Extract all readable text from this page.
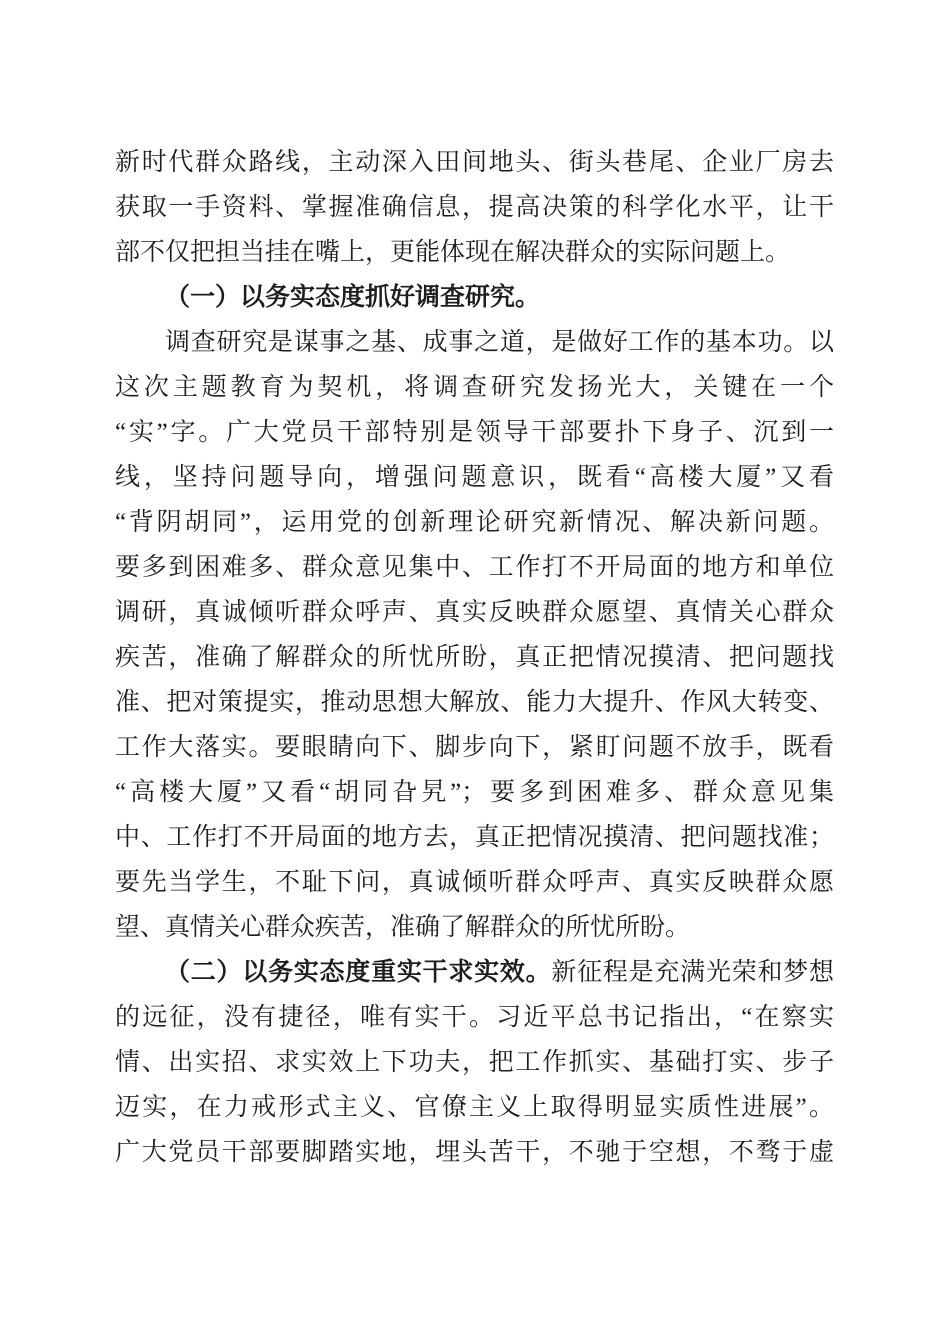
新时代群众路线，主动深入田间地头、街头巷尾、企业厂房去
获取一手资料、掌握准确信息，提高决策的科学化水平，让干
部不仅把担当挂在嘴上，更能体现在解决群众的实际问题上。
（一）以务实态度抓好调查研究。
调查研究是谋事之基、成事之道，是做好工作的基本功。以
这次主题教育为契机，将调查研究发扬光大，关键在一个
“实”字。广大党员干部特别是领导干部要扑下身子、沉到一
线，坚持问题导向，增强问题意识，既看“高楼大厦”又看
“背阴胡同”，运用党的创新理论研究新情况、解决新问题。
要多到困难多、群众意见集中、工作打不开局面的地方和单位
调研，真诚倾听群众呼声、真实反映群众愿望、真情关心群众
疾苦，准确了解群众的所忧所盼，真正把情况摸清、把问题找
准、把对策提实，推动思想大解放、能力大提升、作风大转变、
工作大落实。要眼睛向下、脚步向下，紧盯问题不放手，既看
“高楼大厦”又看“胡同旮旯”；要多到困难多、群众意见集
中、工作打不开局面的地方去，真正把情况摸清、把问题找准；
要先当学生，不耻下问，真诚倾听群众呼声、真实反映群众愿
望、真情关心群众疾苦，准确了解群众的所忧所盼。
（二）以务实态度重实干求实效。新征程是充满光荣和梦想
的远征，没有捷径，唯有实干。习近平总书记指出，“在察实
情、出实招、求实效上下功夫，把工作抓实、基础打实、步子
迈实，在力戒形式主义、官僚主义上取得明显实质性进展”。
广大党员干部要脚踏实地，埋头苦干，不驰于空想，不骛于虚
